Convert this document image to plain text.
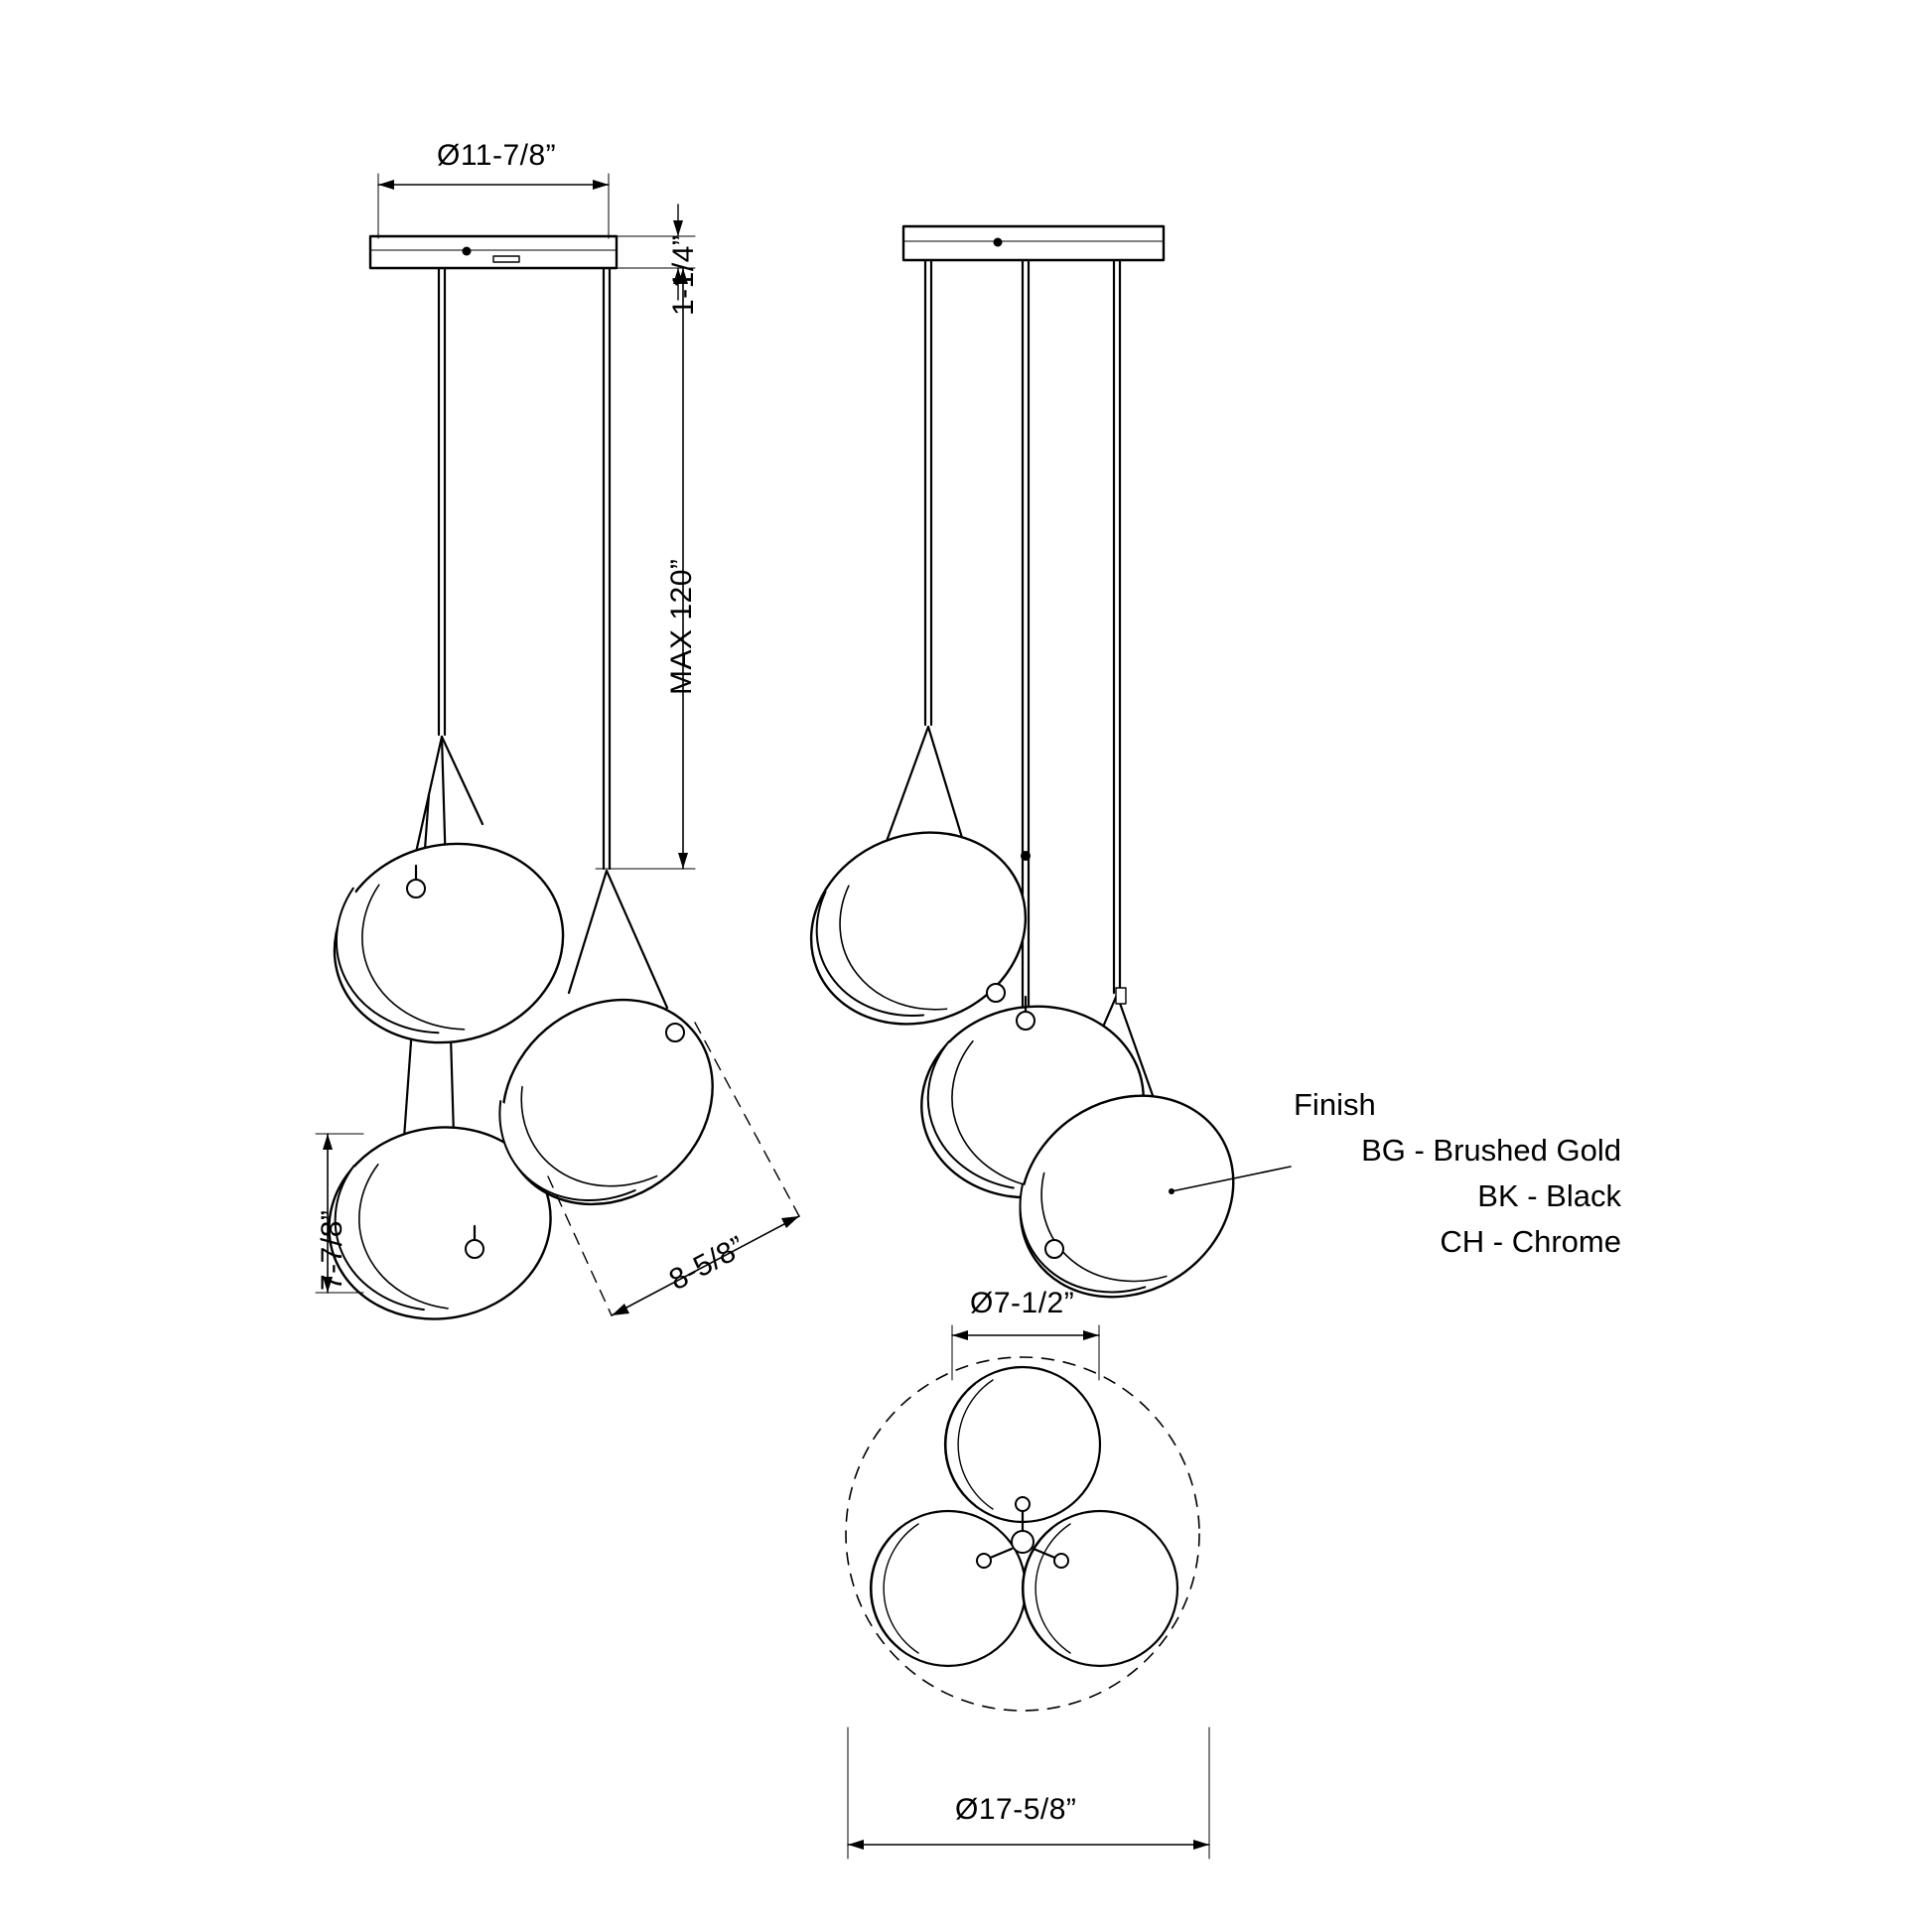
Ø11-7/8”
1-1/4”
MAX 120”
7-7/8”	8-5/8”
Ø7-1/2”
Ø17-5/8”
Finish
BG - Brushed Gold
BK - Black
CH - Chrome
